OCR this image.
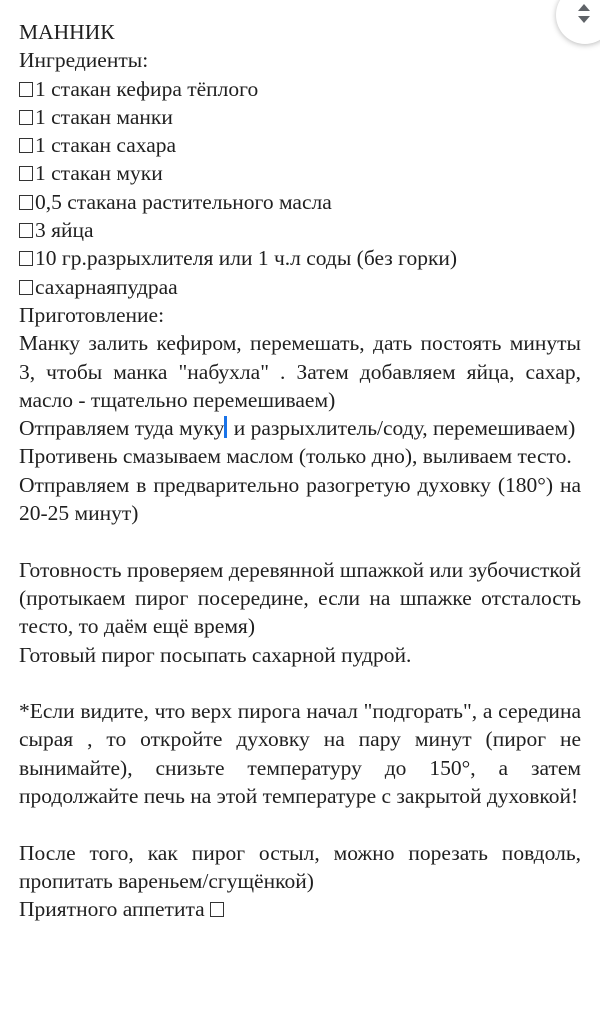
МАННИК

Ингредиенты:

1 стакан кефира тёплого

1 стакан манки

1 стакан сахара

1 стакан муки

0,5 стакана растительного масла

3 яйца

10 гр.разрыхлителя или 1 ч.л соды (без горки)

сахарнаяпудраа

Приготовление:

Манку залить кефиром, перемешать, дать постоять минуты 3, чтобы манка "набухла" . Затем добавляем яйца, сахар, масло - тщательно перемешиваем)

Отправляем туда муку и разрыхлитель/соду, перемешиваем)

Противень смазываем маслом (только дно), выливаем тесто.

Отправляем в предварительно разогретую духовку (180°) на 20-25 минут)

Готовность проверяем деревянной шпажкой или зубочисткой (протыкаем пирог посередине, если на шпажке отсталость тесто, то даём ещё время)

Готовый пирог посыпать сахарной пудрой.

*Если видите, что верх пирога начал "подгорать", а середина сырая , то откройте духовку на пару минут (пирог не вынимайте), снизьте температуру до 150°, а затем продолжайте печь на этой температуре с закрытой духовкой!

После того, как пирог остыл, можно порезать повдоль, пропитать вареньем/сгущёнкой)

Приятного аппетита
